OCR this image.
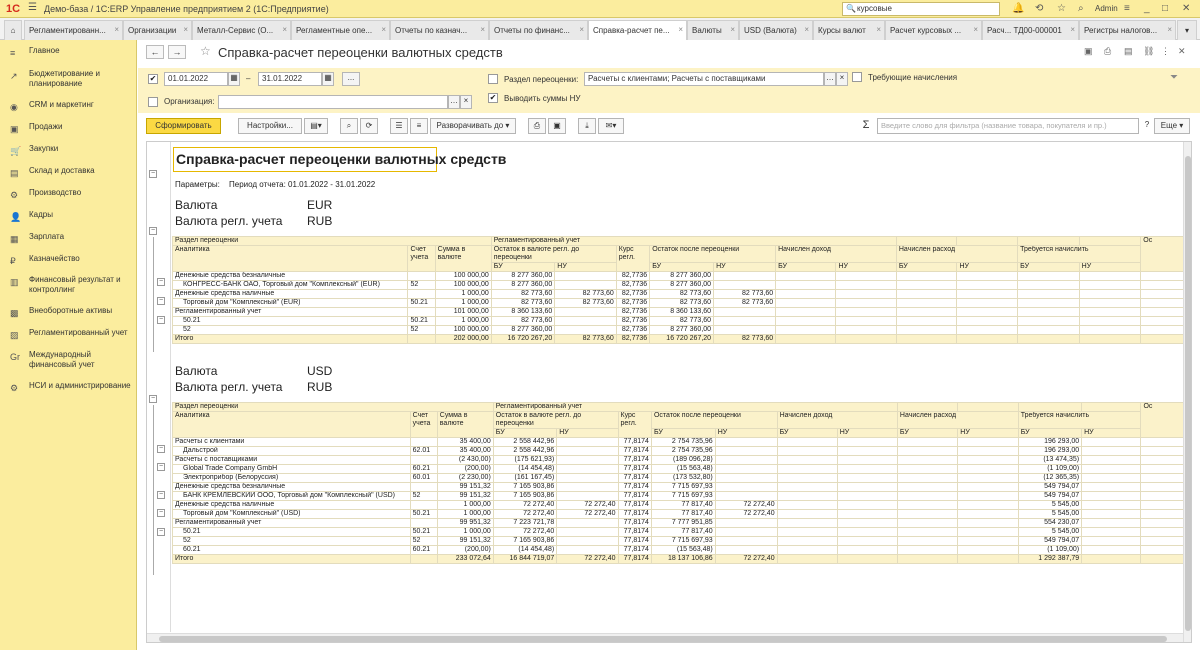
1С ☰ Демо-база / 1С:ERP Управление предприятием 2 (1С:Предприятие)	🔍 курсовые	🔔 ⟲ ☆ ⌕ Admin ≡ _ □ ✕
⌂	Регламентированн... ×	Организации ×	Металл-Сервис (О... ×	Регламентные опе... ×	Отчеты по казнач... ×	Отчеты по финанс... ×	Справка-расчет пе... ×	Валюты ×	USD (Валюта) ×	Курсы валют ×	Расчет курсовых ... ×	Расч... ТД00-000001 ×	Регистры налогов... ×	▾
≡ Главное
↗ Бюджетирование и планирование
◉ CRM и маркетинг
▣ Продажи
🛒 Закупки
▤ Склад и доставка
⚙ Производство
👤 Кадры
▦ Зарплата
₽ Казначейство
▥ Финансовый результат и контроллинг
▩ Внеоборотные активы
▨ Регламентированный учет
Gr Международный финансовый учет
⚙ НСИ и администрирование
←	→	☆ Справка-расчет переоценки валютных средств	▣ ⎙ ▤ ⛓ ⋮ ✕
✔	01.01.2022	▦ –	31.01.2022	▦	...
Организация:	… ×
Раздел переоценки:	Расчеты с клиентами; Расчеты с поставщиками	… ×
✔ Выводить суммы НУ
Требующие начисления	⏷
Сформировать	Настройки...	▤▾	⌕	⟳	☰	≡	Разворачивать до ▾	⎙	▣	⤓	✉▾	Σ	Введите слово для фильтра (название товара, покупателя и пр.)	?	Еще ▾
−
−
−
−
−
−
−
−
−
−
−
Справка-расчет переоценки валютных средств
Параметры: Период отчета: 01.01.2022 - 31.01.2022
Валюта	EUR
Валюта регл. учета RUB
Раздел переоценки			Регламентированный учет											Ос
Аналитика	Счет учета	Сумма в валюте	Остаток в валюте регл. до переоценки		Курс регл.	Остаток после переоценки		Начислен доход		Начислен расход		Требуется начислить		
			БУ	НУ		БУ	НУ	БУ	НУ	БУ	НУ	БУ	НУ	
Денежные средства безналичные		100 000,00	8 277 360,00		82,7736	8 277 360,00								
КОНГРЕСС-БАНК ОАО, Торговый дом "Комплексный" (EUR)	52	100 000,00	8 277 360,00		82,7736	8 277 360,00								
Денежные средства наличные		1 000,00	82 773,60	82 773,60	82,7736	82 773,60	82 773,60							
Торговый дом "Комплексный" (EUR)	50.21	1 000,00	82 773,60	82 773,60	82,7736	82 773,60	82 773,60							
Регламентированный учет		101 000,00	8 360 133,60		82,7736	8 360 133,60								
50.21	50.21	1 000,00	82 773,60		82,7736	82 773,60								
52	52	100 000,00	8 277 360,00		82,7736	8 277 360,00								
Итого		202 000,00	16 720 267,20	82 773,60	82,7736	16 720 267,20	82 773,60							
Валюта	USD
Валюта регл. учета RUB
Раздел переоценки			Регламентированный учет											Ос
Аналитика	Счет учета	Сумма в валюте	Остаток в валюте регл. до переоценки		Курс регл.	Остаток после переоценки		Начислен доход		Начислен расход		Требуется начислить		
			БУ	НУ		БУ	НУ	БУ	НУ	БУ	НУ	БУ	НУ	
Расчеты с клиентами		35 400,00	2 558 442,96		77,8174	2 754 735,96						196 293,00		
Дальстрой	62.01	35 400,00	2 558 442,96		77,8174	2 754 735,96						196 293,00		
Расчеты с поставщиками		(2 430,00)	(175 621,93)		77,8174	(189 096,28)						(13 474,35)		
Global Trade Company GmbH	60.21	(200,00)	(14 454,48)		77,8174	(15 563,48)						(1 109,00)		
Электроприбор (Белоруссия)	60.01	(2 230,00)	(161 167,45)		77,8174	(173 532,80)						(12 365,35)		
Денежные средства безналичные		99 151,32	7 165 903,86		77,8174	7 715 697,93						549 794,07		
БАНК КРЕМЛЕВСКИЙ ООО, Торговый дом "Комплексный" (USD)	52	99 151,32	7 165 903,86		77,8174	7 715 697,93						549 794,07		
Денежные средства наличные		1 000,00	72 272,40	72 272,40	77,8174	77 817,40	72 272,40					5 545,00		
Торговый дом "Комплексный" (USD)	50.21	1 000,00	72 272,40	72 272,40	77,8174	77 817,40	72 272,40					5 545,00		
Регламентированный учет		99 951,32	7 223 721,78		77,8174	7 777 951,85						554 230,07		
50.21	50.21	1 000,00	72 272,40		77,8174	77 817,40						5 545,00		
52	52	99 151,32	7 165 903,86		77,8174	7 715 697,93						549 794,07		
60.21	60.21	(200,00)	(14 454,48)		77,8174	(15 563,48)						(1 109,00)		
Итого		233 072,64	16 844 719,07	72 272,40	77,8174	18 137 106,86	72 272,40					1 292 387,79		
